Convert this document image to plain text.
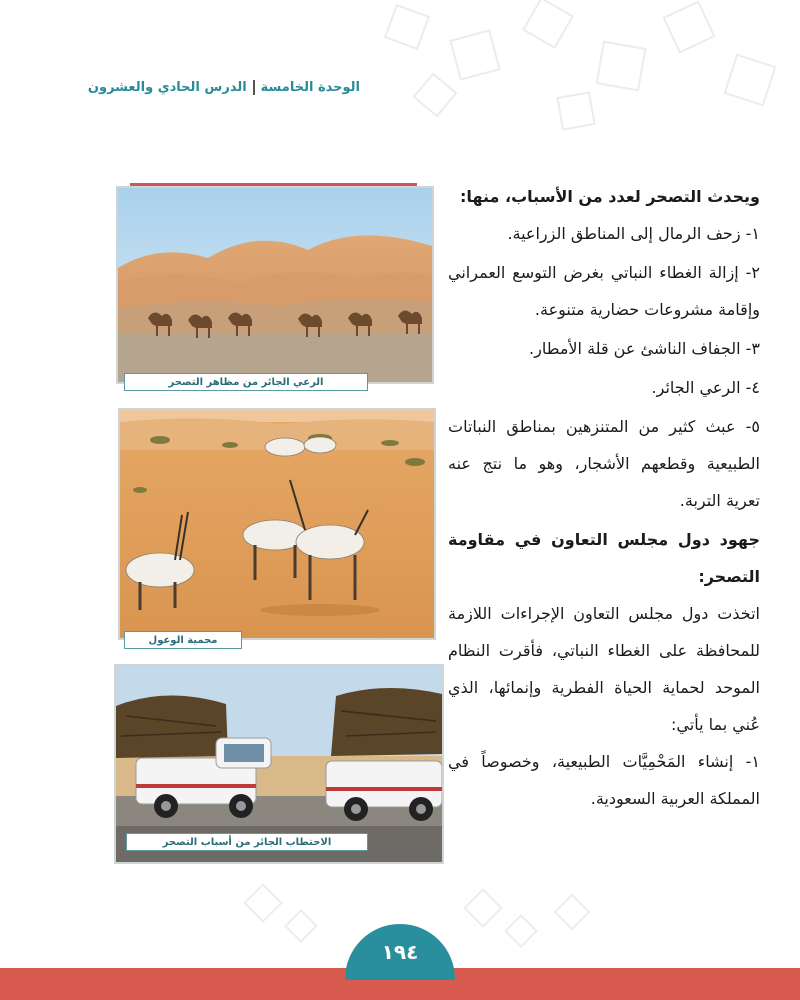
الوحدة الخامسةالدرس الحادي والعشرون
الرعي الجائر من مظاهر التصحر
محمية الوعول
الاحتطاب الجائر من أسباب التصحر

ويحدث التصحر لعدد من الأسباب، منها:

١- زحف الرمال إلى المناطق الزراعية.

٢- إزالة الغطاء النباتي بغرض التوسع العمراني وإقامة مشروعات حضارية متنوعة.

٣- الجفاف الناشئ عن قلة الأمطار.

٤- الرعي الجائر.

٥- عبث كثير من المتنزهين بمناطق النباتات الطبيعية وقطعهم الأشجار، وهو ما نتج عنه تعرية التربة.

جهود دول مجلس التعاون في مقاومة التصحر:

اتخذت دول مجلس التعاون الإجراءات اللازمة للمحافظة على الغطاء النباتي، فأقرت النظام الموحد لحماية الحياة الفطرية وإنمائها، الذي عُني بما يأتي:

١- إنشاء المَحْمِيَّات الطبيعية، وخصوصاً في المملكة العربية السعودية.

١٩٤
